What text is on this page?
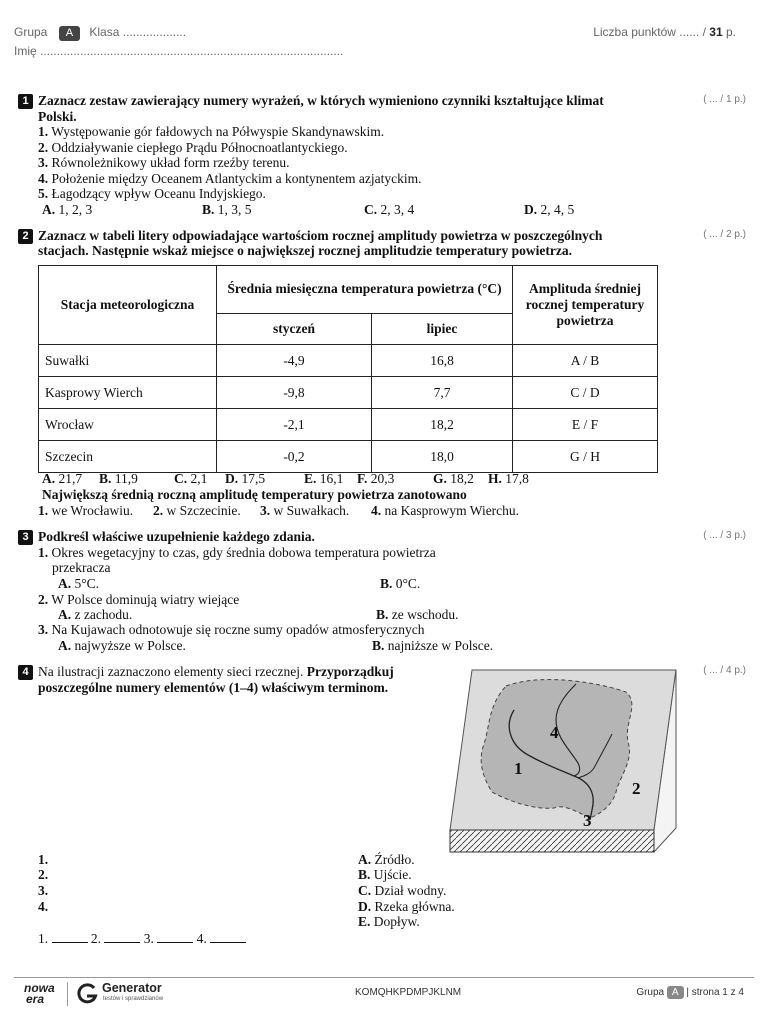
Grupa A Klasa ...................	Liczba punktów ...... / 31 p.
Imię ...........................................................................................
1	( ... / 1 p.)
Zaznacz zestaw zawierający numery wyrażeń, w których wymieniono czynniki kształtujące klimat
Polski.
1. Występowanie gór fałdowych na Półwyspie Skandynawskim.
2. Oddziaływanie ciepłego Prądu Północnoatlantyckiego.
3. Równoleżnikowy układ form rzeźby terenu.
4. Położenie między Oceanem Atlantyckim a kontynentem azjatyckim.
5. Łagodzący wpływ Oceanu Indyjskiego.
A. 1, 2, 3	B. 1, 3, 5	C. 2, 3, 4	D. 2, 4, 5
2	( ... / 2 p.)
Zaznacz w tabeli litery odpowiadające wartościom rocznej amplitudy powietrza w poszczególnych
stacjach. Następnie wskaż miejsce o największej rocznej amplitudzie temperatury powietrza.
Stacja meteorologiczna	Średnia miesięczna temperatura powietrza (°C)		Amplituda średniej rocznej temperatury powietrza
	styczeń	lipiec	
Suwałki	-4,9	16,8	A / B
Kasprowy Wierch	-9,8	7,7	C / D
Wrocław	-2,1	18,2	E / F
Szczecin	-0,2	18,0	G / H
A. 21,7 B. 11,9	C. 2,1 D. 17,5	E. 16,1 F. 20,3	G. 18,2 H. 17,8
Największą średnią roczną amplitudę temperatury powietrza zanotowano
1. we Wrocławiu. 2. w Szczecinie. 3. w Suwałkach. 4. na Kasprowym Wierchu.
3	( ... / 3 p.)
Podkreśl właściwe uzupełnienie każdego zdania.
1. Okres wegetacyjny to czas, gdy średnia dobowa temperatura powietrza
przekracza
A. 5°C.	B. 0°C.
2. W Polsce dominują wiatry wiejące
A. z zachodu.	B. ze wschodu.
3. Na Kujawach odnotowuje się roczne sumy opadów atmosferycznych
A. najwyższe w Polsce.	B. najniższe w Polsce.
4	( ... / 4 p.)
Na ilustracji zaznaczono elementy sieci rzecznej. Przyporządkuj
poszczególne numery elementów (1–4) właściwym terminom.
4
1
2
3
1.
2.
3.
4.
A. Źródło.
B. Ujście.
C. Dział wodny.
D. Rzeka główna.
E. Dopływ.
1.	2.	3.	4.
nowa
era
Generator
testów i sprawdzianów
KOMQHKPDMPJKLNM	Grupa A | strona 1 z 4
